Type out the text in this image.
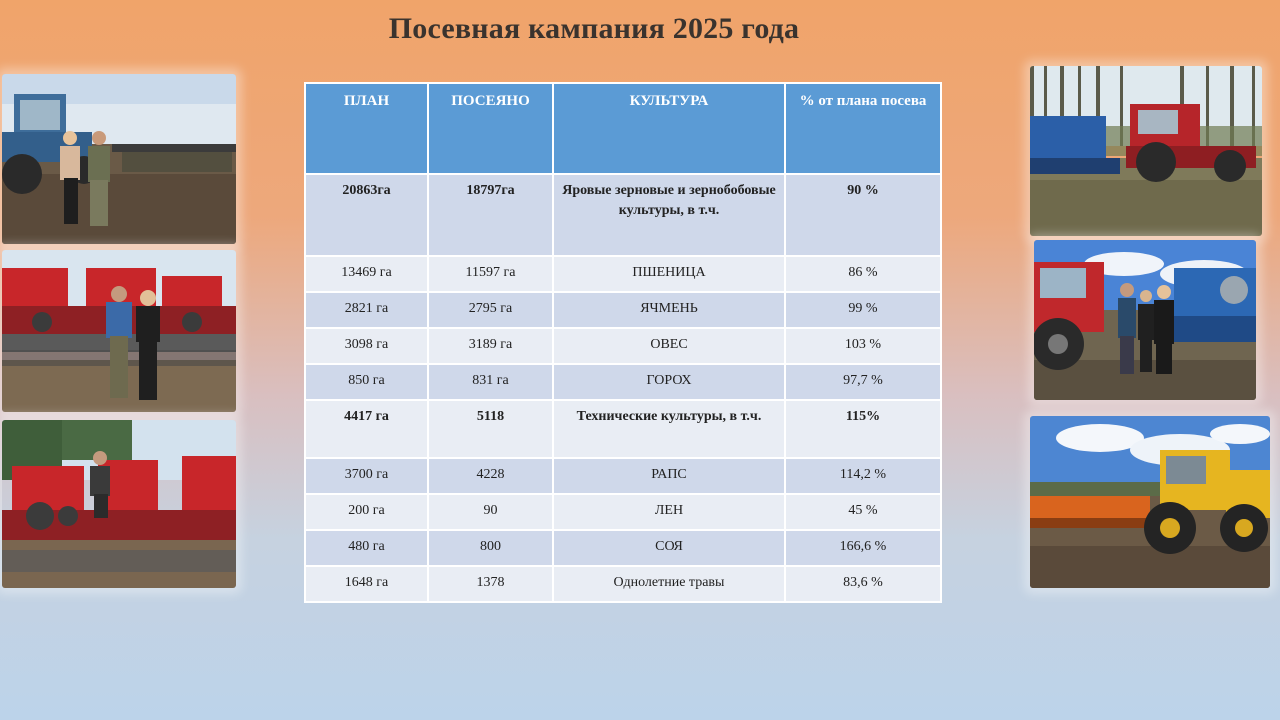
Посевная кампания 2025 года
ПЛАН	ПОСЕЯНО	КУЛЬТУРА	% от плана посева
20863га	18797га	Яровые зерновые и зернобобовые культуры, в т.ч.	90 %
13469 га	11597 га	ПШЕНИЦА	86 %
2821 га	2795 га	ЯЧМЕНЬ	99 %
3098 га	3189 га	ОВЕС	103 %
850 га	831 га	ГОРОХ	97,7 %
4417 га	5118	Технические культуры, в т.ч.	115%
3700 га	4228	РАПС	114,2 %
200 га	90	ЛЕН	45 %
480 га	800	СОЯ	166,6 %
1648 га	1378	Однолетние травы	83,6 %
